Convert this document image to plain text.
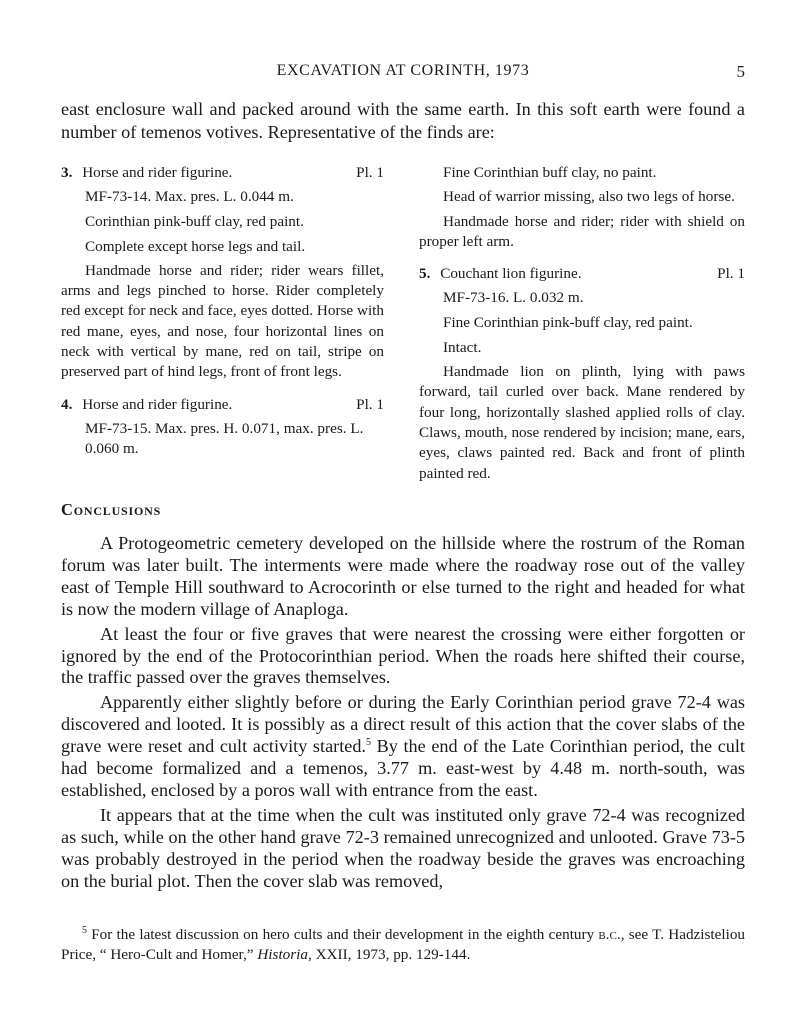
EXCAVATION AT CORINTH, 1973	5

east enclosure wall and packed around with the same earth. In this soft earth were found a number of temenos votives. Representative of the finds are:

3. Horse and rider figurine.	Pl. 1

MF-73-14. Max. pres. L. 0.044 m.

Corinthian pink-buff clay, red paint.

Complete except horse legs and tail.

Handmade horse and rider; rider wears fillet, arms and legs pinched to horse. Rider completely red except for neck and face, eyes dotted. Horse with red mane, eyes, and nose, four horizontal lines on neck with vertical by mane, red on tail, stripe on preserved part of hind legs, front of front legs.

4. Horse and rider figurine.	Pl. 1

MF-73-15. Max. pres. H. 0.071, max. pres. L. 0.060 m.

Fine Corinthian buff clay, no paint.

Head of warrior missing, also two legs of horse.

Handmade horse and rider; rider with shield on proper left arm.

5. Couchant lion figurine.	Pl. 1

MF-73-16. L. 0.032 m.

Fine Corinthian pink-buff clay, red paint.

Intact.

Handmade lion on plinth, lying with paws forward, tail curled over back. Mane rendered by four long, horizontally slashed applied rolls of clay. Claws, mouth, nose rendered by incision; mane, ears, eyes, claws painted red. Back and front of plinth painted red.

Conclusions

A Protogeometric cemetery developed on the hillside where the rostrum of the Roman forum was later built. The interments were made where the roadway rose out of the valley east of Temple Hill southward to Acrocorinth or else turned to the right and headed for what is now the modern village of Anaploga.

At least the four or five graves that were nearest the crossing were either forgotten or ignored by the end of the Protocorinthian period. When the roads here shifted their course, the traffic passed over the graves themselves.

Apparently either slightly before or during the Early Corinthian period grave 72-4 was discovered and looted. It is possibly as a direct result of this action that the cover slabs of the grave were reset and cult activity started.$^5$ By the end of the Late Corinthian period, the cult had become formalized and a temenos, 3.77 m. east-west by 4.48 m. north-south, was established, enclosed by a poros wall with entrance from the east.

It appears that at the time when the cult was instituted only grave 72-4 was recognized as such, while on the other hand grave 72-3 remained unrecognized and unlooted. Grave 73-5 was probably destroyed in the period when the roadway beside the graves was encroaching on the burial plot. Then the cover slab was removed,

$^5$ For the latest discussion on hero cults and their development in the eighth century b.c., see T. Hadzisteliou Price, “ Hero-Cult and Homer,” Historia, XXII, 1973, pp. 129-144.
